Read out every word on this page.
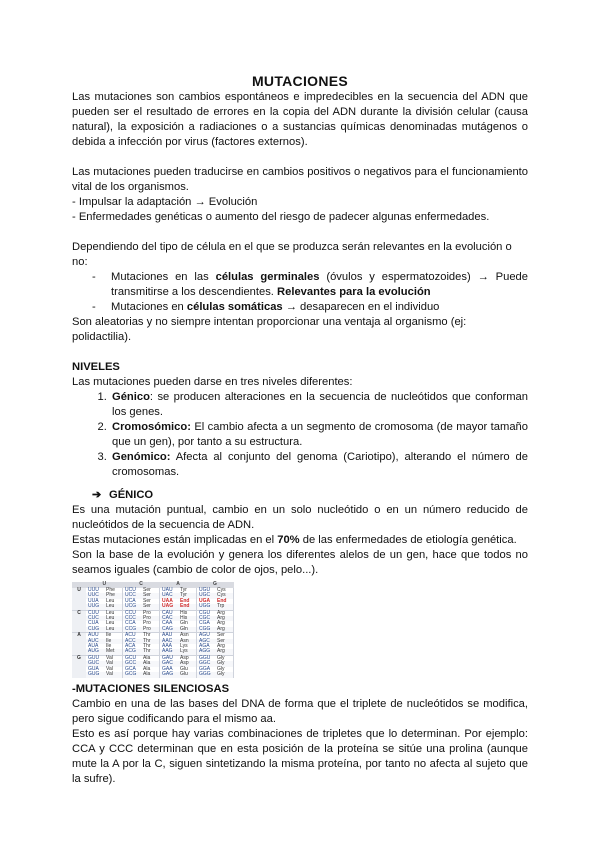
MUTACIONES

Las mutaciones son cambios espontáneos e impredecibles en la secuencia del ADN que pueden ser el resultado de errores en la copia del ADN durante la división celular (causa natural), la exposición a radiaciones o a sustancias químicas denominadas mutágenos o debida a infección por virus (factores externos).

Las mutaciones pueden traducirse en cambios positivos o negativos para el funcionamiento vital de los organismos.

- Impulsar la adaptación → Evolución

- Enfermedades genéticas o aumento del riesgo de padecer algunas enfermedades.

Dependiendo del tipo de célula en el que se produzca serán relevantes en la evolución o no:

- Mutaciones en las células germinales (óvulos y espermatozoides) → Puede transmitirse a los descendientes. Relevantes para la evolución
- Mutaciones en células somáticas → desaparecen en el individuo

Son aleatorias y no siempre intentan proporcionar una ventaja al organismo (ej: polidactilia).

NIVELES

Las mutaciones pueden darse en tres niveles diferentes:

1. Génico: se producen alteraciones en la secuencia de nucleótidos que conforman los genes.
2. Cromosómico: El cambio afecta a un segmento de cromosoma (de mayor tamaño que un gen), por tanto a su estructura.
3. Genómico: Afecta al conjunto del genoma (Cariotipo), alterando el número de cromosomas.

➔ GÉNICO

Es una mutación puntual, cambio en un solo nucleótido o en un número reducido de nucleótidos de la secuencia de ADN.

Estas mutaciones están implicadas en el 70% de las enfermedades de etiología genética.

Son la base de la evolución y genera los diferentes alelos de un gen, hace que todos no seamos iguales (cambio de color de ojos, pelo...).

	U		C		A		G	
U	UUU	Phe	UCU	Ser	UAU	Tyr	UGU	Cys
	UUC	Phe	UCC	Ser	UAC	Tyr	UGC	Cys
	UUA	Leu	UCA	Ser	UAA	End	UGA	End
	UUG	Leu	UCG	Ser	UAG	End	UGG	Trp
C	CUU	Leu	CCU	Pro	CAU	His	CGU	Arg
	CUC	Leu	CCC	Pro	CAC	His	CGC	Arg
	CUA	Leu	CCA	Pro	CAA	Gln	CGA	Arg
	CUG	Leu	CCG	Pro	CAG	Gln	CGG	Arg
A	AUU	Ile	ACU	Thr	AAU	Asn	AGU	Ser
	AUC	Ile	ACC	Thr	AAC	Asn	AGC	Ser
	AUA	Ile	ACA	Thr	AAA	Lys	AGA	Arg
	AUG	Met	ACG	Thr	AAG	Lys	AGG	Arg
G	GUU	Val	GCU	Ala	GAU	Asp	GGU	Gly
	GUC	Val	GCC	Ala	GAC	Asp	GGC	Gly
	GUA	Val	GCA	Ala	GAA	Glu	GGA	Gly
	GUG	Val	GCG	Ala	GAG	Glu	GGG	Gly

-MUTACIONES SILENCIOSAS

Cambio en una de las bases del DNA de forma que el triplete de nucleótidos se modifica, pero sigue codificando para el mismo aa.

Esto es así porque hay varias combinaciones de tripletes que lo determinan. Por ejemplo: CCA y CCC determinan que en esta posición de la proteína se sitúe una prolina (aunque mute la A por la C, siguen sintetizando la misma proteína, por tanto no afecta al sujeto que la sufre).
